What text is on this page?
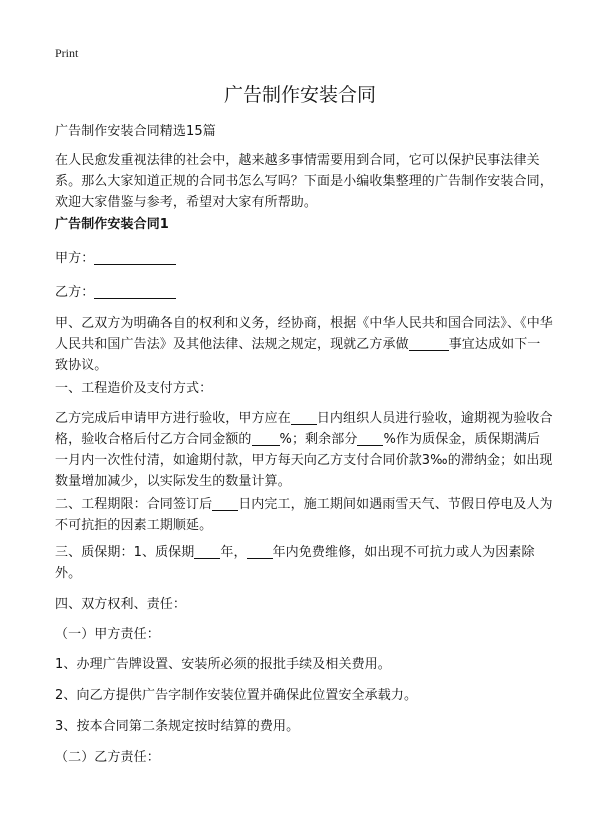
Print
广告制作安装合同

广告制作安装合同精选15篇

在人民愈发重视法律的社会中，越来越多事情需要用到合同，它可以保护民事法律关系。那么大家知道正规的合同书怎么写吗？下面是小编收集整理的广告制作安装合同，欢迎大家借鉴与参考，希望对大家有所帮助。

广告制作安装合同1

甲方：

乙方：

甲、乙双方为明确各自的权利和义务，经协商，根据《中华人民共和国合同法》、《中华人民共和国广告法》及其他法律、法规之规定，现就乙方承做	事宜达成如下一致协议。

一、工程造价及支付方式：

乙方完成后申请甲方进行验收，甲方应在 日内组织人员进行验收，逾期视为验收合格，验收合格后付乙方合同金额的 %；剩余部分 %作为质保金，质保期满后一月内一次性付清，如逾期付款，甲方每天向乙方支付合同价款3‰的滞纳金；如出现数量增加减少，以实际发生的数量计算。

二、工程期限：合同签订后 日内完工，施工期间如遇雨雪天气、节假日停电及人为不可抗拒的因素工期顺延。

三、质保期：1、质保期 年， 年内免费维修，如出现不可抗力或人为因素除外。

四、双方权利、责任：

（一）甲方责任：

1、办理广告牌设置、安装所必须的报批手续及相关费用。

2、向乙方提供广告字制作安装位置并确保此位置安全承载力。

3、按本合同第二条规定按时结算的费用。

（二）乙方责任：
